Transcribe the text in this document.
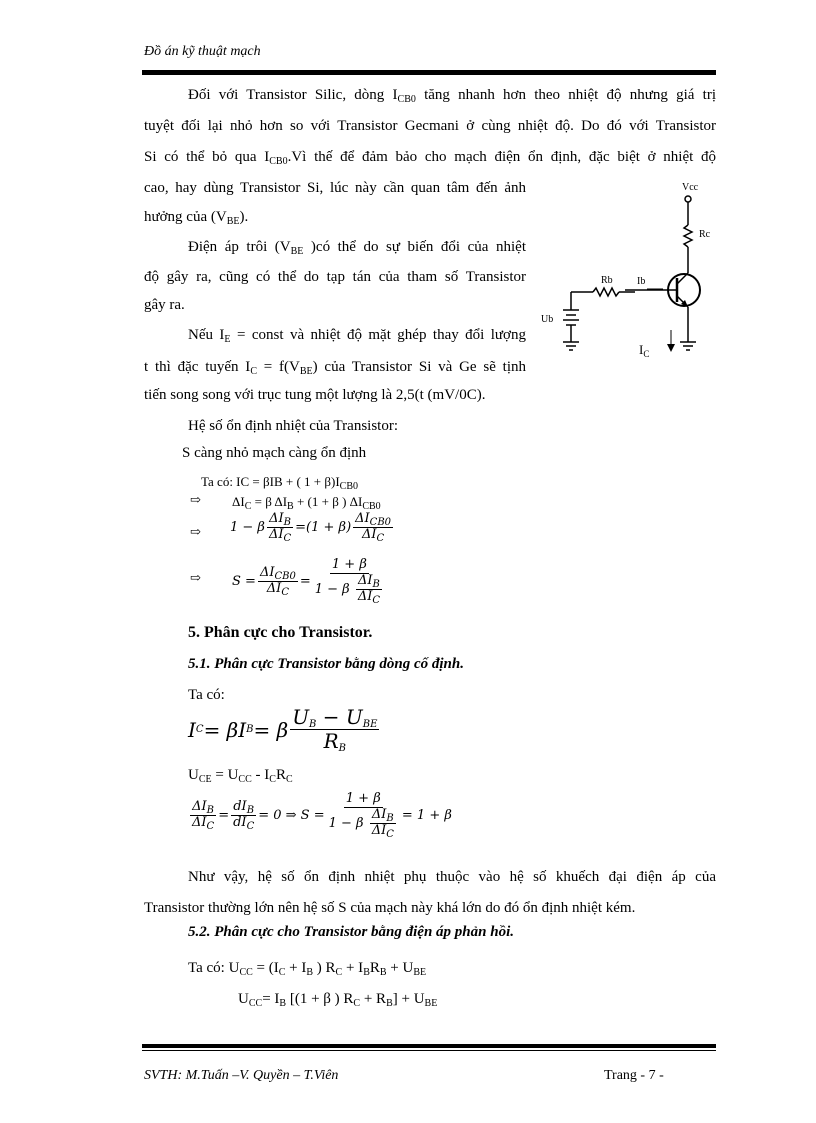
Đồ án kỹ thuật mạch
Đối với Transistor Silic, dòng $I_{CB0}$ tăng nhanh hơn theo nhiệt độ nhưng giá trị
tuyệt đối lại nhỏ hơn so với Transistor Gecmani ở cùng nhiệt độ. Do đó với Transistor
Si có thể bỏ qua $I_{CB0}.Vì$ thế để đảm bảo cho mạch điện ổn định, đặc biệt ở nhiệt độ
cao, hay dùng Transistor Si, lúc này cần quan tâm đến ảnh
hưởng của $(V_{BE})$.
Điện áp trôi ($V_{BE}$ )có thể do sự biến đổi của nhiệt
độ gây ra, cũng có thể do tạp tán của tham số Transistor
gây ra.
Nếu $I_E$ = const và nhiệt độ mặt ghép thay đổi lượng
t thì đặc tuyến $I_C = f(V_{BE})$ của Transistor Si và Ge sẽ tịnh
tiến song song với trục tung một lượng là 2,5(t (mV/0C).
Hệ số ổn định nhiệt của Transistor:
S càng nhỏ mạch càng ổn định
Vcc
Rc
Rb Ib
Ub
$I_C$
Ta có: IC = βIB + ( $1 + \beta)I_{CB0}$
⇨ $\Delta I_C = \beta$ $\Delta I_B + (1 + \beta$ ) $\Delta I_{CB0}$
⇨ 1 − β $\frac{\Delta I_B}{\Delta I_C} = (1 + \beta) \frac{\Delta I_{CB0}}{\Delta I_C}$
⇨ $S = \frac{\Delta I_{CB0}}{\Delta I_C} = \frac{1 + \beta}{1 - \beta \frac{\Delta I_B}{\Delta I_C}}$
5. Phân cực cho Transistor.
5.1. Phân cực Transistor bằng dòng cố định.
Ta có:
I C = βI B = β $\frac{U_B - U_{BE}}{R_B}$
$U_{CE} = U_{CC} - I_CR_C$
$\frac{\Delta I_B}{\Delta I_C} = \frac{dI_B}{dI_C} = 0$ ⇒ $S = \frac{1 + \beta}{1 - \beta \frac{\Delta I_B}{\Delta I_C}} = 1 + \beta$
Như vậy, hệ số ổn định nhiệt phụ thuộc vào hệ số khuếch đại điện áp của
Transistor thường lớn nên hệ số S của mạch này khá lớn do đó ổn định nhiệt kém.
5.2. Phân cực cho Transistor bằng điện áp phản hồi.
Ta có: $U_{CC} = (I_C + I_B$ ) $R_C + I_BR_B + U_{BE}$
$U_{CC}= I_B$ [(1 + β ) $R_C + R_B] + U_{BE}$
SVTH: M.Tuấn –V. Quyền – T.Viên	Trang - 7 -
